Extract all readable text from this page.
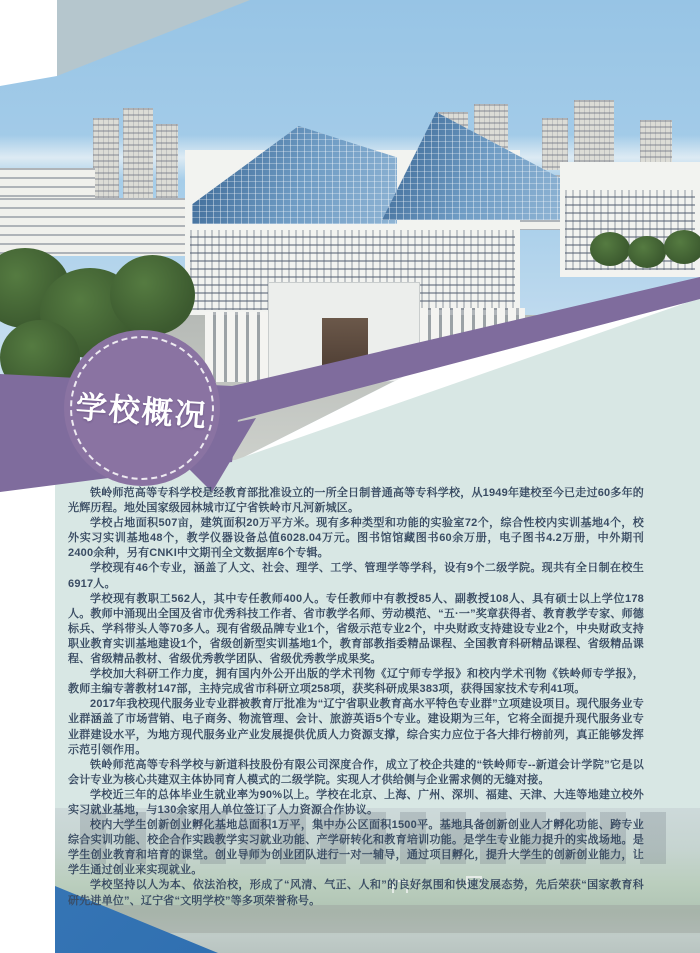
学校概况

铁岭师范高等专科学校是经教育部批准设立的一所全日制普通高等专科学校，从1949年建校至今已走过60多年的光辉历程。地处国家级园林城市辽宁省铁岭市凡河新城区。

学校占地面积507亩，建筑面积20万平方米。现有多种类型和功能的实验室72个，综合性校内实训基地4个，校外实习实训基地48个，教学仪器设备总值6028.04万元。图书馆馆藏图书60余万册，电子图书4.2万册，中外期刊2400余种，另有CNKI中文期刊全文数据库6个专辑。

学校现有46个专业，涵盖了人文、社会、理学、工学、管理学等学科，设有9个二级学院。现共有全日制在校生6917人。

学校现有教职工562人，其中专任教师400人。专任教师中有教授85人、副教授108人、具有硕士以上学位178人。教师中涌现出全国及省市优秀科技工作者、省市教学名师、劳动模范、“五·一”奖章获得者、教育教学专家、师德标兵、学科带头人等70多人。现有省级品牌专业1个，省级示范专业2个，中央财政支持建设专业2个，中央财政支持职业教育实训基地建设1个，省级创新型实训基地1个，教育部教指委精品课程、全国教育科研精品课程、省级精品课程、省级精品教材、省级优秀教学团队、省级优秀教学成果奖。

学校加大科研工作力度，拥有国内外公开出版的学术刊物《辽宁师专学报》和校内学术刊物《铁岭师专学报》，教师主编专著教材147部，主持完成省市科研立项258项，获奖科研成果383项，获得国家技术专利41项。

2017年我校现代服务业专业群被教育厅批准为“辽宁省职业教育高水平特色专业群”立项建设项目。现代服务业专业群涵盖了市场营销、电子商务、物流管理、会计、旅游英语5个专业。建设期为三年，它将全面提升现代服务业专业群建设水平，为地方现代服务业产业发展提供优质人力资源支撑，综合实力应位于各大排行榜前列，真正能够发挥示范引领作用。

铁岭师范高等专科学校与新道科技股份有限公司深度合作，成立了校企共建的“铁岭师专--新道会计学院”它是以会计专业为核心共建双主体协同育人模式的二级学院。实现人才供给侧与企业需求侧的无缝对接。

学校近三年的总体毕业生就业率为90%以上。学校在北京、上海、广州、深圳、福建、天津、大连等地建立校外实习就业基地，与130余家用人单位签订了人力资源合作协议。

校内大学生创新创业孵化基地总面积1万平，集中办公区面积1500平。基地具备创新创业人才孵化功能、跨专业综合实训功能、校企合作实践教学实习就业功能、产学研转化和教育培训功能。是学生专业能力提升的实战场地。是学生创业教育和培育的课堂。创业导师为创业团队进行一对一辅导，通过项目孵化，提升大学生的创新创业能力，让学生通过创业来实现就业。

学校坚持以人为本、依法治校，形成了“风清、气正、人和”的良好氛围和快速发展态势，先后荣获“国家教育科研先进单位”、辽宁省“文明学校”等多项荣誉称号。
